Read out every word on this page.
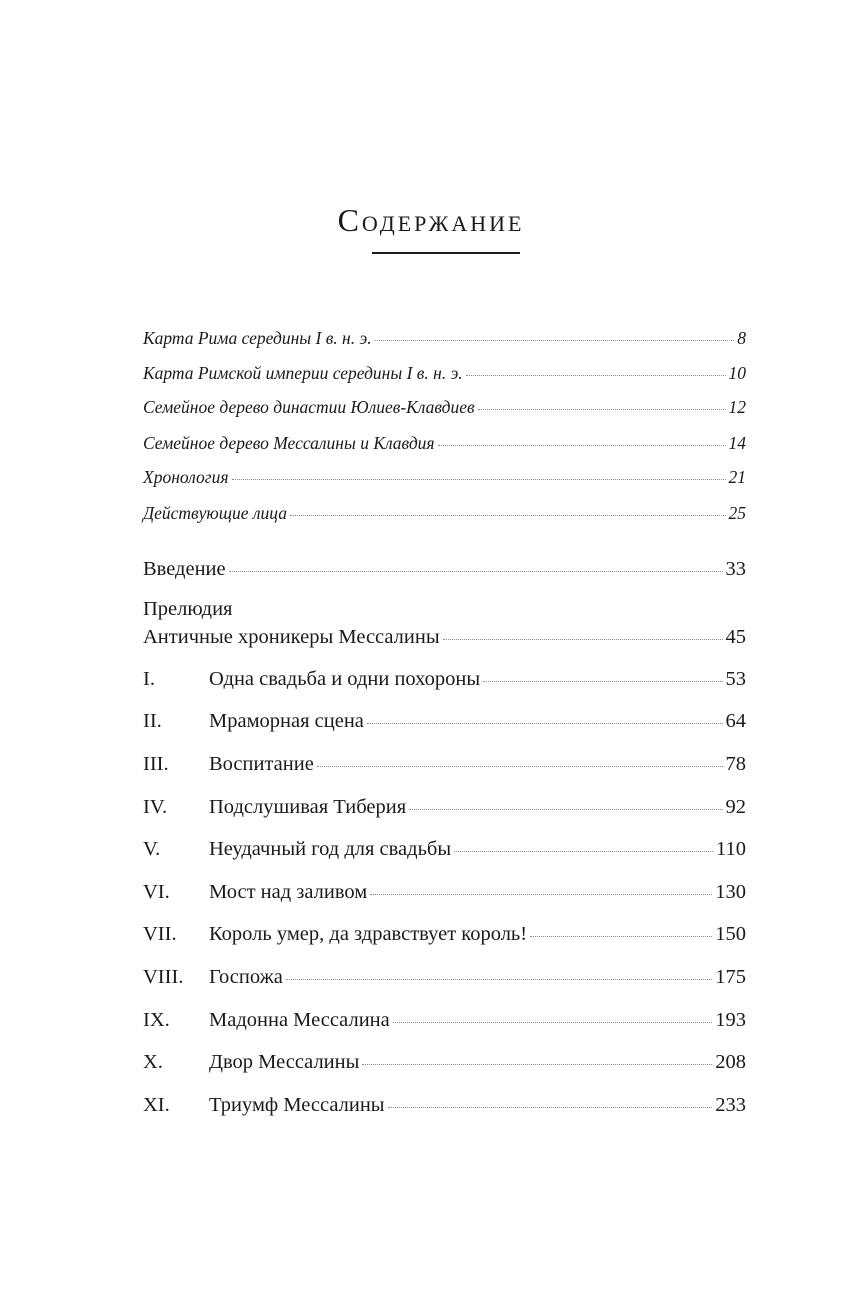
Содержание
Карта Рима середины I в. н. э.	8
Карта Римской империи середины I в. н. э.	10
Семейное дерево династии Юлиев-Клавдиев	12
Семейное дерево Мессалины и Клавдия	14
Хронология	21
Действующие лица	25
Введение	33
Прелюдия
Античные хроникеры Мессалины	45
I.	Одна свадьба и одни похороны	53
II. Мраморная сцена	64
III. Воспитание	78
IV. Подслушивая Тиберия	92
V. Неудачный год для свадьбы	110
VI. Мост над заливом	130
VII. Король умер, да здравствует король!	150
VIII. Госпожа	175
IX. Мадонна Мессалина	193
X. Двор Мессалины	208
XI. Триумф Мессалины	233
